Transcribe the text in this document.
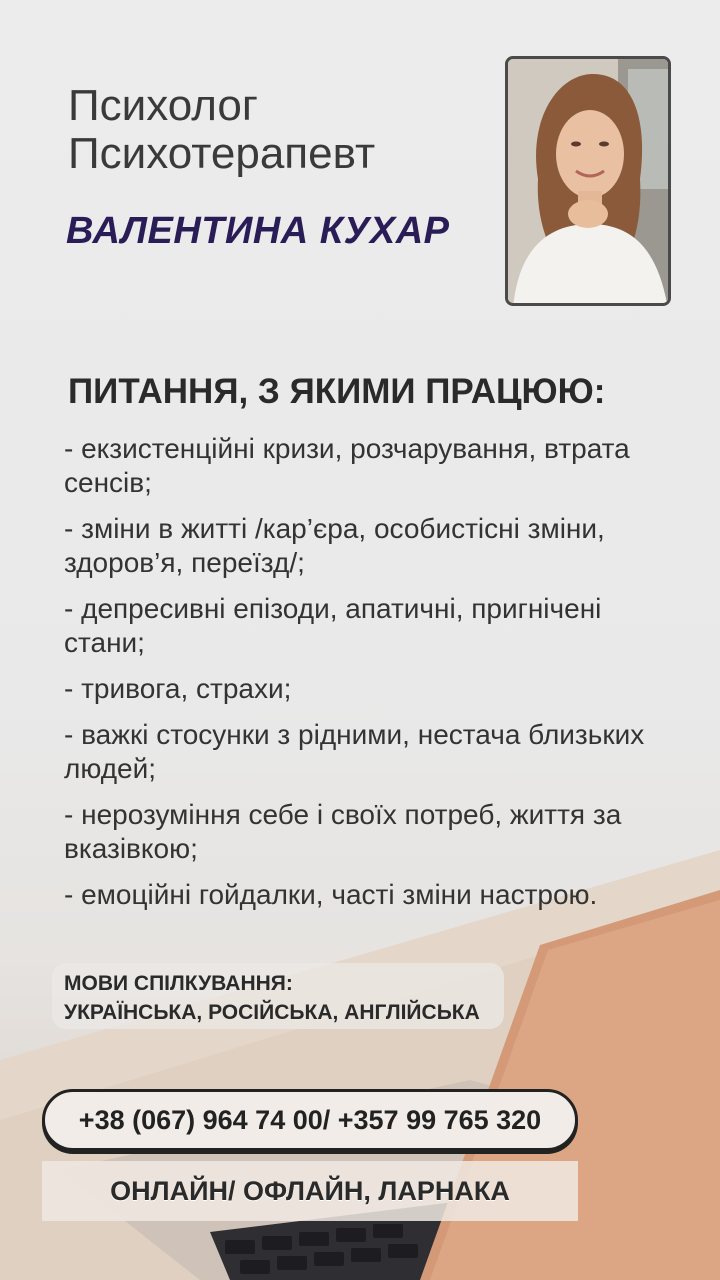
Психолог
Психотерапевт
ВАЛЕНТИНА КУХАР
ПИТАННЯ, З ЯКИМИ ПРАЦЮЮ:
- екзистенційні кризи, розчарування, втрата
сенсів;
- зміни в житті /кар’єра, особистісні зміни,
здоров’я, переїзд/;
- депресивні епізоди, апатичні, пригнічені
стани;
- тривога, страхи;
- важкі стосунки з рідними, нестача близьких
людей;
- нерозуміння себе і своїх потреб, життя за
вказівкою;
- емоційні гойдалки, часті зміни настрою.
МОВИ СПІЛКУВАННЯ:
УКРАЇНСЬКА, РОСІЙСЬКА, АНГЛІЙСЬКА
+38 (067) 964 74 00/ +357 99 765 320
ОНЛАЙН/ ОФЛАЙН, ЛАРНАКА
